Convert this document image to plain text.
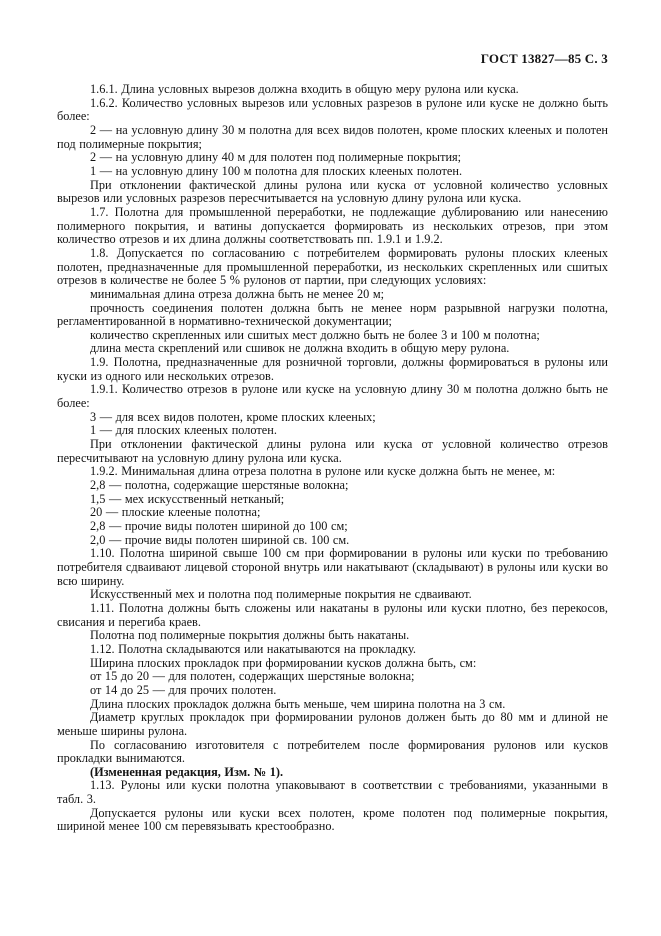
ГОСТ 13827—85 С. 3

1.6.1. Длина условных вырезов должна входить в общую меру рулона или куска.

1.6.2. Количество условных вырезов или условных разрезов в рулоне или куске не должно быть более:

2 — на условную длину 30 м полотна для всех видов полотен, кроме плоских клееных и полотен под полимерные покрытия;

2 — на условную длину 40 м для полотен под полимерные покрытия;

1 — на условную длину 100 м полотна для плоских клееных полотен.

При отклонении фактической длины рулона или куска от условной количество условных вырезов или условных разрезов пересчитывается на условную длину рулона или куска.

1.7. Полотна для промышленной переработки, не подлежащие дублированию или нанесению полимерного покрытия, и ватины допускается формировать из нескольких отрезов, при этом количество отрезов и их длина должны соответствовать пп. 1.9.1 и 1.9.2.

1.8. Допускается по согласованию с потребителем формировать рулоны плоских клееных полотен, предназначенные для промышленной переработки, из нескольких скрепленных или сшитых отрезов в количестве не более 5 % рулонов от партии, при следующих условиях:

минимальная длина отреза должна быть не менее 20 м;

прочность соединения полотен должна быть не менее норм разрывной нагрузки полотна, регламентированной в нормативно-технической документации;

количество скрепленных или сшитых мест должно быть не более 3 и 100 м полотна;

длина места скреплений или сшивок не должна входить в общую меру рулона.

1.9. Полотна, предназначенные для розничной торговли, должны формироваться в рулоны или куски из одного или нескольких отрезов.

1.9.1. Количество отрезов в рулоне или куске на условную длину 30 м полотна должно быть не более:

3 — для всех видов полотен, кроме плоских клееных;

1 — для плоских клееных полотен.

При отклонении фактической длины рулона или куска от условной количество отрезов пересчитывают на условную длину рулона или куска.

1.9.2. Минимальная длина отреза полотна в рулоне или куске должна быть не менее, м:

2,8 — полотна, содержащие шерстяные волокна;

1,5 — мех искусственный нетканый;

20 — плоские клееные полотна;

2,8 — прочие виды полотен шириной до 100 см;

2,0 — прочие виды полотен шириной св. 100 см.

1.10. Полотна шириной свыше 100 см при формировании в рулоны или куски по требованию потребителя сдваивают лицевой стороной внутрь или накатывают (складывают) в рулоны или куски во всю ширину.

Искусственный мех и полотна под полимерные покрытия не сдваивают.

1.11. Полотна должны быть сложены или накатаны в рулоны или куски плотно, без перекосов, свисания и перегиба краев.

Полотна под полимерные покрытия должны быть накатаны.

1.12. Полотна складываются или накатываются на прокладку.

Ширина плоских прокладок при формировании кусков должна быть, см:

от 15 до 20 — для полотен, содержащих шерстяные волокна;

от 14 до 25 — для прочих полотен.

Длина плоских прокладок должна быть меньше, чем ширина полотна на 3 см.

Диаметр круглых прокладок при формировании рулонов должен быть до 80 мм и длиной не меньше ширины рулона.

По согласованию изготовителя с потребителем после формирования рулонов или кусков прокладки вынимаются.

(Измененная редакция, Изм. № 1).

1.13. Рулоны или куски полотна упаковывают в соответствии с требованиями, указанными в табл. 3.

Допускается рулоны или куски всех полотен, кроме полотен под полимерные покрытия, шириной менее 100 см перевязывать крестообразно.
